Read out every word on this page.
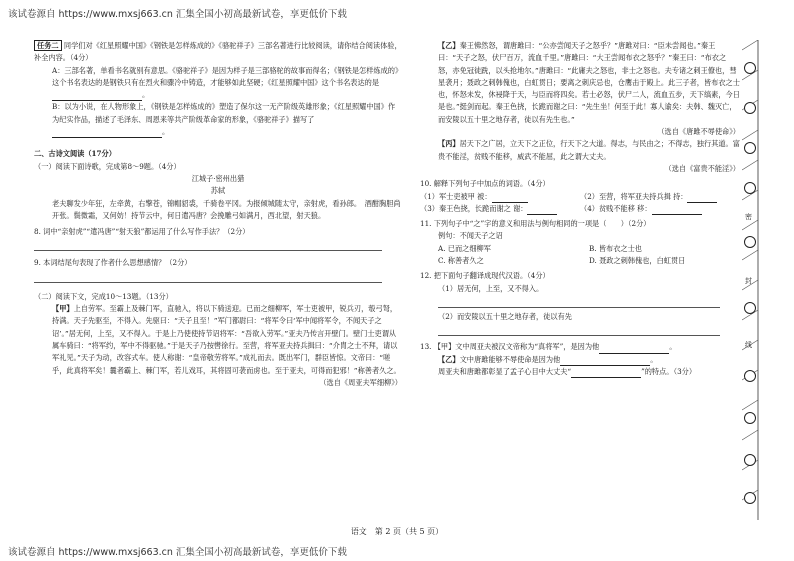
该试卷源自 https://www.mxsj663.cn 汇集全国小初高最新试卷，享更低价下载

任务二 同学们对《红星照耀中国》《钢铁是怎样炼成的》《骆驼祥子》三部名著进行比较阅读，请你结合阅读体验，补全内容。（4分）

A：三部名著，单看书名就别有意思。《骆驼祥子》是因为样子是三部骆驼的故事而得名；《钢铁是怎样炼成的》这个书名表达的是钢铁只有在烈火和骤冷中铸造，才能够如此坚硬；《红星照耀中国》这个书名表达的是。

B：以为小说，在人物形象上，《钢铁是怎样炼成的》塑造了保尔这一无产阶级英雄形象；《红星照耀中国》作为纪实作品，描述了毛泽东、周恩来等共产阶级革命家的形象，《骆驼祥子》描写了。

二、古诗文阅读（17分）

（一）阅读下面诗歌，完成第8～9题。（4分）

江城子·密州出猎

苏轼

老夫聊发少年狂，左牵黄，右擎苍，锦帽貂裘，千骑卷平冈。为报倾城随太守，亲射虎，看孙郎。　酒酣胸胆尚开张。鬓微霜，又何妨！持节云中，何日遣冯唐？会挽雕弓如满月，西北望，射天狼。

8. 词中“亲射虎”“遣冯唐”“射天狼”都运用了什么写作手法？（2分）

9. 本词结尾句表现了作者什么思想感情？（2分）

（二）阅读下文，完成10～13题。（13分）

【甲】上自劳军。至霸上及棘门军，直驰入，将以下骑送迎。已而之细柳军，军士吏被甲，锐兵刃，彀弓弩，持满。天子先驱至，不得入。先驱曰：“天子且至！”军门都尉曰：“将军令曰‘军中闻将军令，不闻天子之诏’。”居无何，上至，又不得入。于是上乃使使持节诏将军：“吾欲入劳军。”亚夫乃传言开壁门。壁门士吏谓从属车骑曰：“将军约，军中不得驱驰。”于是天子乃按辔徐行。至营，将军亚夫持兵揖曰：“介胄之士不拜，请以军礼见。”天子为动，改容式车。使人称谢：“皇帝敬劳将军。”成礼而去。既出军门，群臣皆惊。文帝曰：“嗟乎，此真将军矣！曩者霸上、棘门军，若儿戏耳，其将固可袭而虏也。至于亚夫，可得而犯邪！”称善者久之。

（选自《周亚夫军细柳》）

【乙】秦王怫然怒，谓唐雎曰：“公亦尝闻天子之怒乎？”唐雎对曰：“臣未尝闻也。”秦王曰：“天子之怒，伏尸百万，流血千里。”唐雎曰：“大王尝闻布衣之怒乎？”秦王曰：“布衣之怒，亦免冠徒跣，以头抢地尔。”唐雎曰：“此庸夫之怒也，非士之怒也。夫专诸之刺王僚也，彗星袭月；聂政之刺韩傀也，白虹贯日；要离之刺庆忌也，仓鹰击于殿上。此三子者，皆布衣之士也，怀怒未发，休祲降于天，与臣而将四矣。若士必怒，伏尸二人，流血五步，天下缟素，今日是也。”挺剑而起。秦王色挠，长跪而谢之曰：“先生坐！何至于此！寡人谕矣：夫韩、魏灭亡，而安陵以五十里之地存者，徒以有先生也。”

（选自《唐雎不辱使命》）

【丙】居天下之广居，立天下之正位，行天下之大道。得志，与民由之；不得志，独行其道。富贵不能淫，贫贱不能移，威武不能屈，此之谓大丈夫。

（选自《富贵不能淫》）

10. 解释下列句子中加点的词语。（4分）

（1）军士吏被甲 被：	（2）至营，将军亚夫持兵揖 持：
（3）秦王色挠，长跪而谢之 谢：	（4）贫贱不能移 移：

11. 下列句子中“之”字的意义和用法与例句相同的一项是（　　）（2分）

例句：不闻天子之诏

A. 已而之细柳军	B. 皆布衣之士也
C. 称善者久之	D. 聂政之刺韩傀也，白虹贯日

12. 把下面句子翻译成现代汉语。（4分）

（1）居无何，上至，又不得入。

（2）而安陵以五十里之地存者，徒以有先

13. 【甲】文中周亚夫被汉文帝称为“真将军”，是因为他	。

【乙】文中唐雎能够不辱使命是因为他	。

周亚夫和唐雎都彰显了孟子心目中大丈夫“	”的特点。（3分）

密
封
线
语文　第 2 页（共 5 页）
该试卷源自 https://www.mxsj663.cn 汇集全国小初高最新试卷，享更低价下载
